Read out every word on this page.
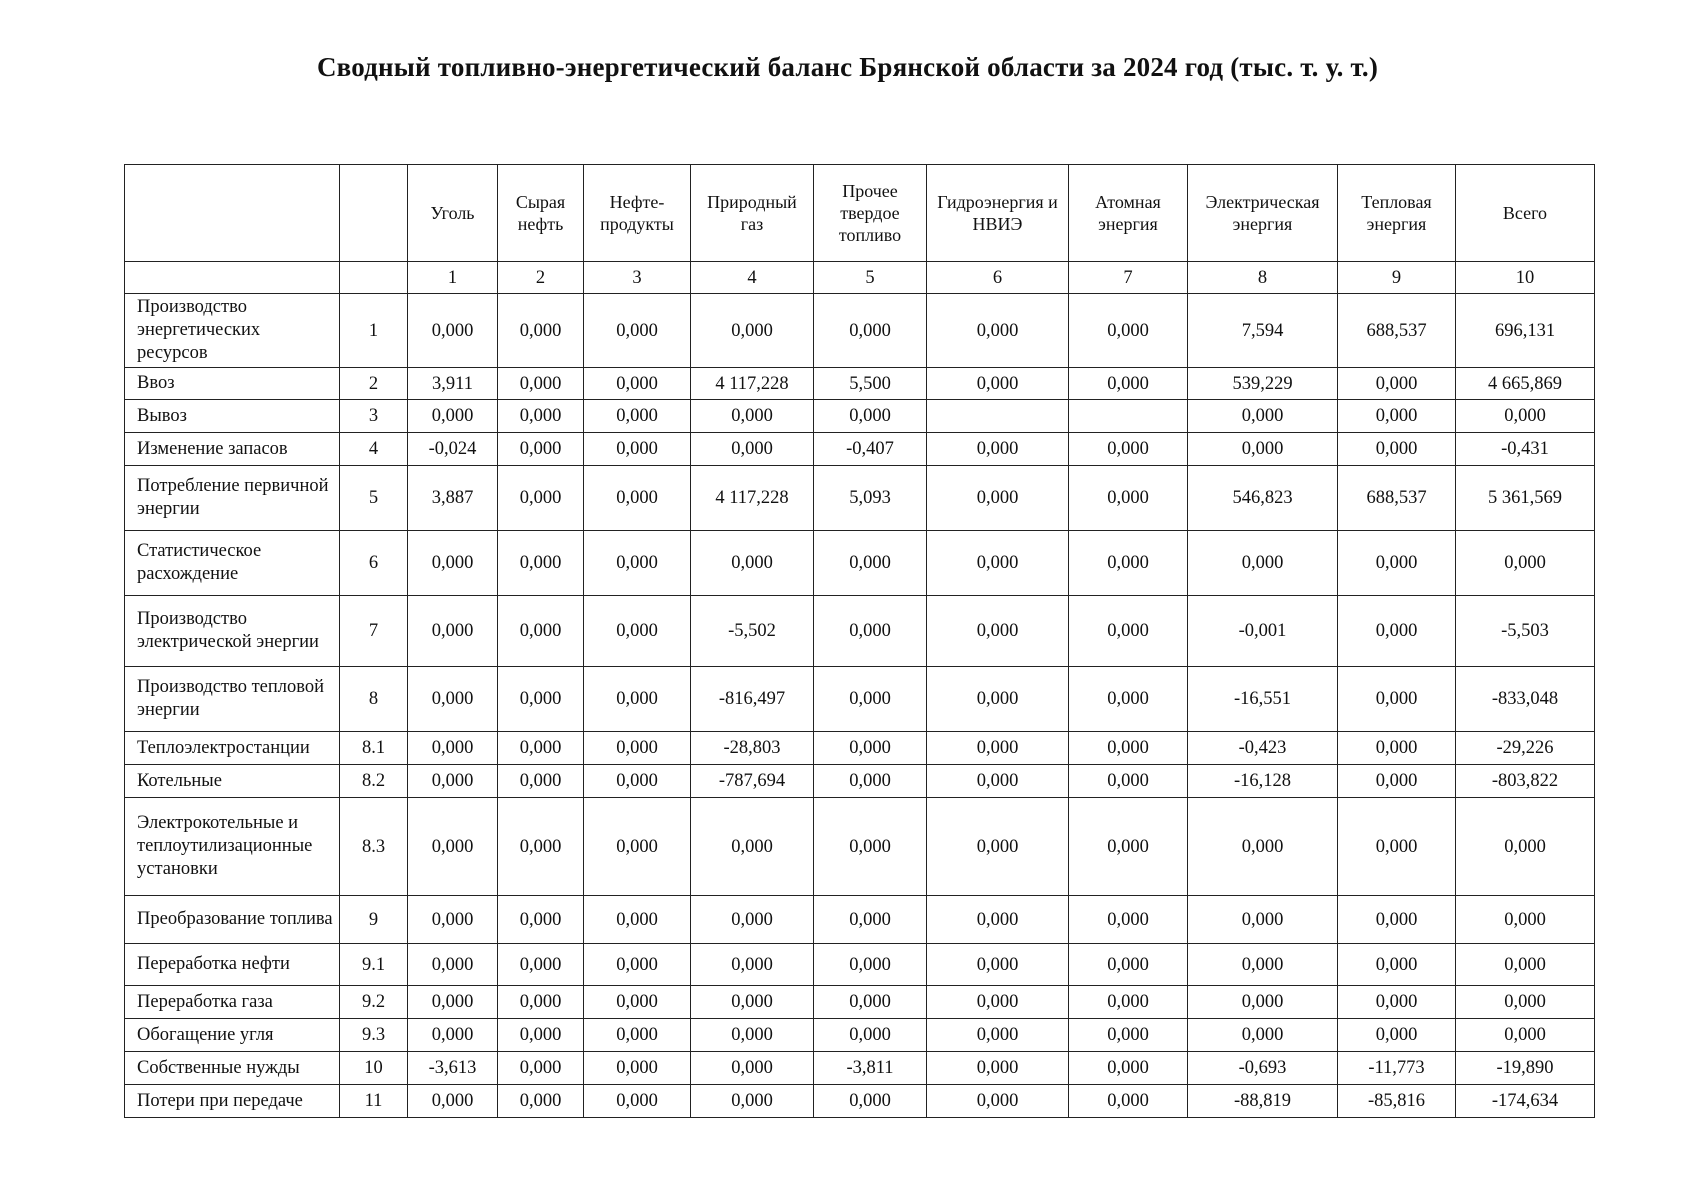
Сводный топливно-энергетический баланс Брянской области за 2024 год (тыс. т. у. т.)
		Уголь	Сырая нефть	Нефте-продукты	Природный газ	Прочее твердое топливо	Гидроэнергия и НВИЭ	Атомная энергия	Электрическая энергия	Тепловая энергия	Всего
		1	2	3	4	5	6	7	8	9	10
Производство энергетических ресурсов	1	0,000	0,000	0,000	0,000	0,000	0,000	0,000	7,594	688,537	696,131
Ввоз	2	3,911	0,000	0,000	4 117,228	5,500	0,000	0,000	539,229	0,000	4 665,869
Вывоз	3	0,000	0,000	0,000	0,000	0,000			0,000	0,000	0,000
Изменение запасов	4	-0,024	0,000	0,000	0,000	-0,407	0,000	0,000	0,000	0,000	-0,431
Потребление первичной энергии	5	3,887	0,000	0,000	4 117,228	5,093	0,000	0,000	546,823	688,537	5 361,569
Статистическое расхождение	6	0,000	0,000	0,000	0,000	0,000	0,000	0,000	0,000	0,000	0,000
Производство электрической энергии	7	0,000	0,000	0,000	-5,502	0,000	0,000	0,000	-0,001	0,000	-5,503
Производство тепловой энергии	8	0,000	0,000	0,000	-816,497	0,000	0,000	0,000	-16,551	0,000	-833,048
Теплоэлектростанции	8.1	0,000	0,000	0,000	-28,803	0,000	0,000	0,000	-0,423	0,000	-29,226
Котельные	8.2	0,000	0,000	0,000	-787,694	0,000	0,000	0,000	-16,128	0,000	-803,822
Электрокотельные и теплоутилизационные установки	8.3	0,000	0,000	0,000	0,000	0,000	0,000	0,000	0,000	0,000	0,000
Преобразование топлива	9	0,000	0,000	0,000	0,000	0,000	0,000	0,000	0,000	0,000	0,000
Переработка нефти	9.1	0,000	0,000	0,000	0,000	0,000	0,000	0,000	0,000	0,000	0,000
Переработка газа	9.2	0,000	0,000	0,000	0,000	0,000	0,000	0,000	0,000	0,000	0,000
Обогащение угля	9.3	0,000	0,000	0,000	0,000	0,000	0,000	0,000	0,000	0,000	0,000
Собственные нужды	10	-3,613	0,000	0,000	0,000	-3,811	0,000	0,000	-0,693	-11,773	-19,890
Потери при передаче	11	0,000	0,000	0,000	0,000	0,000	0,000	0,000	-88,819	-85,816	-174,634
